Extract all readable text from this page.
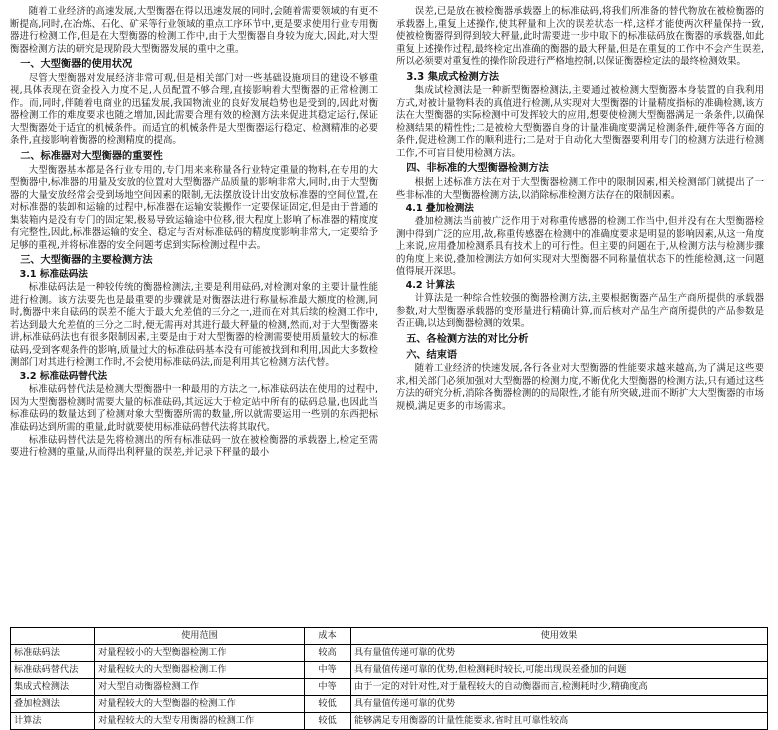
随着工业经济的高速发展,大型衡器在得以迅速发展的同时,会随着需要领域的有更不断提高,同时,在冶炼、石化、矿采等行业领域的重点工序环节中,更是要求使用行业专用衡器进行检测工作,但是在大型衡器的检测工作中,由于大型衡器自身较为庞大,因此,对大型衡器检测方法的研究是现阶段大型衡器发展的重中之重。

一、大型衡器的使用状况

尽管大型衡器对发展经济非常可观,但是相关部门对一些基础设施项目的建设不够重视,具体表现在资金投入力度不足,人员配置不够合理,直接影响着大型衡器的正常检测工作。而,同时,伴随着电商业的迅猛发展,我国物流业的良好发展趋势也是受到的,因此对衡器检测工作的难度要求也随之增加,因此需要合理有效的检测方法来促进其稳定运行,保证大型衡器处于适宜的机械条件。而适宜的机械条件是大型衡器运行稳定、检测精准的必要条件,直接影响着衡器的检测精度的提高。

二、标准器对大型衡器的重要性

大型衡器基本都是各行业专用的,专门用来来称量各行业特定重量的物料,在专用的大型衡器中,标准器的用量及安放的位置对大型衡器产品质量的影响非常大,同时,由于大型衡器的大量安放经常会受到场地空间因素的限制,无法摆放设计出安放标准器的空间位置,在对标准器的装卸和运输的过程中,标准器在运输安装搬作一定要保证固定,但是由于普通的集装箱内是没有专门的固定架,极易导致运输途中位移,很大程度上影响了标准器的精度度有完整性,因此,标准器运输的安全、稳定与否对标准砝码的精度度影响非常大,一定要给予足够的重视,并将标准器的安全问题考虑到实际检测过程中去。

三、大型衡器的主要检测方法
3.1 标准砝码法

标准砝码法是一种较传统的衡器检测法,主要是利用砝码,对检测对象的主要计量性能进行检测。该方法要先也是最重要的步骤就是对衡器法进行称量标准最大额度的检测,同时,衡器中来自砝码的误差不能大于最大允差值的三分之一,进而在对其后续的检测工作中,若达到最大允差值的三分之二时,便无需再对其进行最大秤量的检测,然而,对于大型衡器来讲,标准砝码法也有很多限制因素,主要是由于对大型衡器的检测需要使用质量较大的标准砝码,受到客观条件的影响,质量过大的标准砝码基本没有可能被找到和利用,因此大多数检测部门对其进行检测工作时,不会使用标准砝码法,而是利用其它检测方法代替。

3.2 标准砝码替代法

标准砝码替代法是检测大型衡器中一种最用的方法之一,标准砝码法在使用的过程中,因为大型衡器检测时需要大量的标准砝码,其远远大于检定站中所有的砝码总量,也因此当标准砝码的数量达到了检测对象大型衡器所需的数量,所以就需要运用一些别的东西把标准砝码达到所需的重量,此时就要使用标准砝码替代法将其取代。

标准砝码替代法是先将检测出的所有标准砝码一放在被检衡器的承载器上,检定至需要进行检测的重量,从而得出利秤量的误差,并记录下秤量的最小

误差,已是放在被检衡器承载器上的标准砝码,将我们所准备的替代物放在被检衡器的承载器上,重复上述操作,使其秤量和上次的误差状态一样,这样才能使两次秤量保持一致,使被检衡器得到得到较大秤量,此时需要进一步中取下的标准砝码放在衡器的承载器,如此重复上述操作过程,最终检定出准确的衡器的最大秤量,但是在重复的工作中不会产生误差,所以必须要对重复性的操作阶段进行严格地控制,以保证衡器检定法的最终检测效果。

3.3 集成式检测方法

集成试检测法是一种新型衡器检测法,主要通过被检测大型衡器本身装置的自我利用方式,对被计量物料表的真值进行检测,从实现对大型衡器的计量精度指标的准确检测,该方法在大型衡器的实际检测中可发挥较大的应用,想要使检测大型衡器满足一条条件,以确保检测结果的精性性;二是被检大型衡器自身的计量准确度要满足检测条件,硬件等各方面的条件,促进检测工作的顺利进行;二是对于自动化大型衡器要利用专门的检测方法进行检测工作,不可盲目使用检测方法。

四、非标准的大型衡器检测方法

根据上述标准方法在对于大型衡器检测工作中的限制因素,相关检测部门就提出了一些非标准的大型衡器检测方法,以消除标准检测方法存在的限制因素。

4.1 叠加检测法

叠加检测法当前被广泛作用于对称重传感器的检测工作当中,但并没有在大型衡器检测中得到广泛的应用,故,称重传感器在检测中的准确度要求是明显的影响因素,从这一角度上来说,应用叠加检测系具有技术上的可行性。但主要的问题在于,从检测方法与检测步骤的角度上来说,叠加检测法方如何实现对大型衡器不同称量值状态下的性能检测,这一问题值得展开深思。

4.2 计算法

计算法是一种综合性较强的衡器检测方法,主要根据衡器产品生产商所提供的承载器参数,对大型衡器承载器的变形量进行精确计算,而后核对产品生产商所提供的产品参数是否正确,以达到衡器检测的效果。

五、各检测方法的对比分析
六、结束语

随着工业经济的快速发展,各行各业对大型衡器的性能要求越来越高,为了满足这些要求,相关部门必须加强对大型衡器的检测力度,不断优化大型衡器的检测方法,只有通过这些方法的研究分析,消除各衡器检测的的局限性,才能有所突破,进而不断扩大大型衡器的市场规模,满足更多的市场需求。

	使用范围	成本	使用效果
标准砝码法	对量程较小的大型衡器检测工作	较高	具有量值传递可靠的优势
标准砝码替代法	对量程较大的大型衡器检测工作	中等	具有量值传递可靠的优势,但检测耗时较长,可能出现误差叠加的问题
集成式检测法	对大型自动衡器检测工作	中等	由于一定的对针对性,对于量程较大的自动衡器而言,检测耗时少,精确度高
叠加检测法	对量程较大的大型衡器的检测工作	较低	具有量值传递可靠的优势
计算法	对量程较大的大型专用衡器的检测工作	较低	能够满足专用衡器的计量性能要求,省时且可靠性较高
